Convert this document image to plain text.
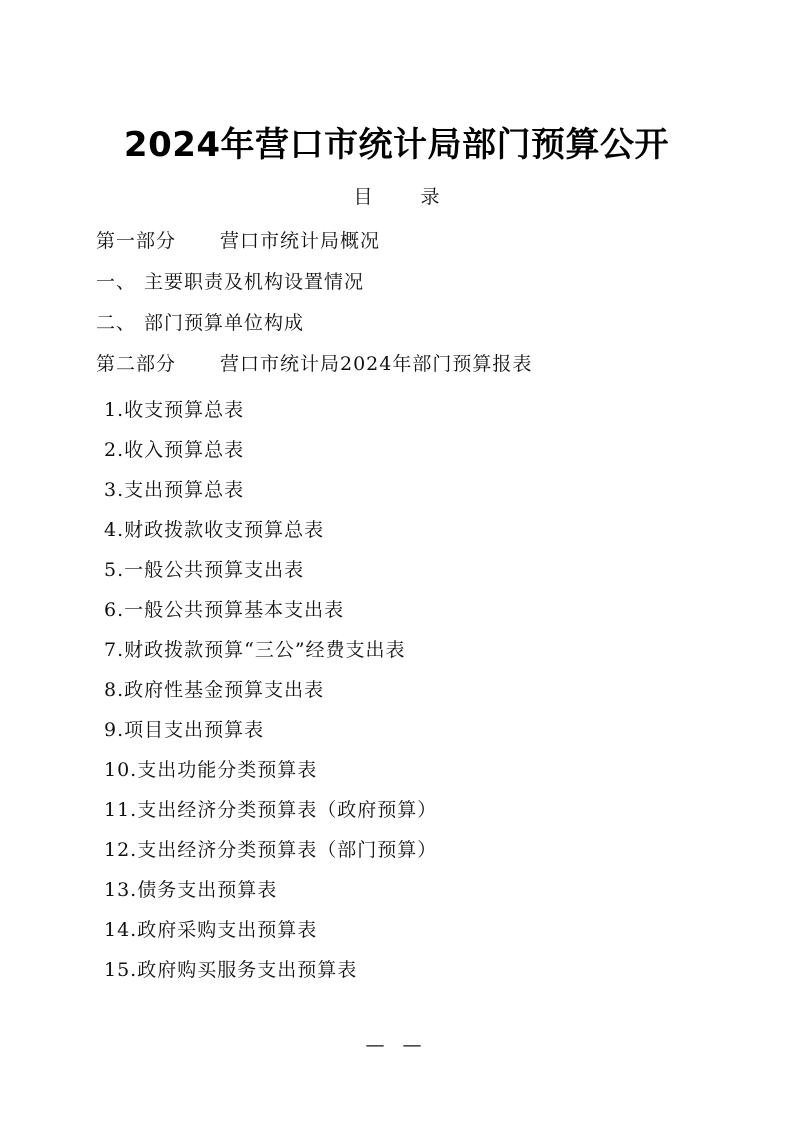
2024年营口市统计局部门预算公开
目录
第一部分 营口市统计局概况
一、 主要职责及机构设置情况
二、 部门预算单位构成
第二部分 营口市统计局2024年部门预算报表
1.收支预算总表
2.收入预算总表
3.支出预算总表
4.财政拨款收支预算总表
5.一般公共预算支出表
6.一般公共预算基本支出表
7.财政拨款预算“三公”经费支出表
8.政府性基金预算支出表
9.项目支出预算表
10.支出功能分类预算表
11.支出经济分类预算表（政府预算）
12.支出经济分类预算表（部门预算）
13.债务支出预算表
14.政府采购支出预算表
15.政府购买服务支出预算表
— —
